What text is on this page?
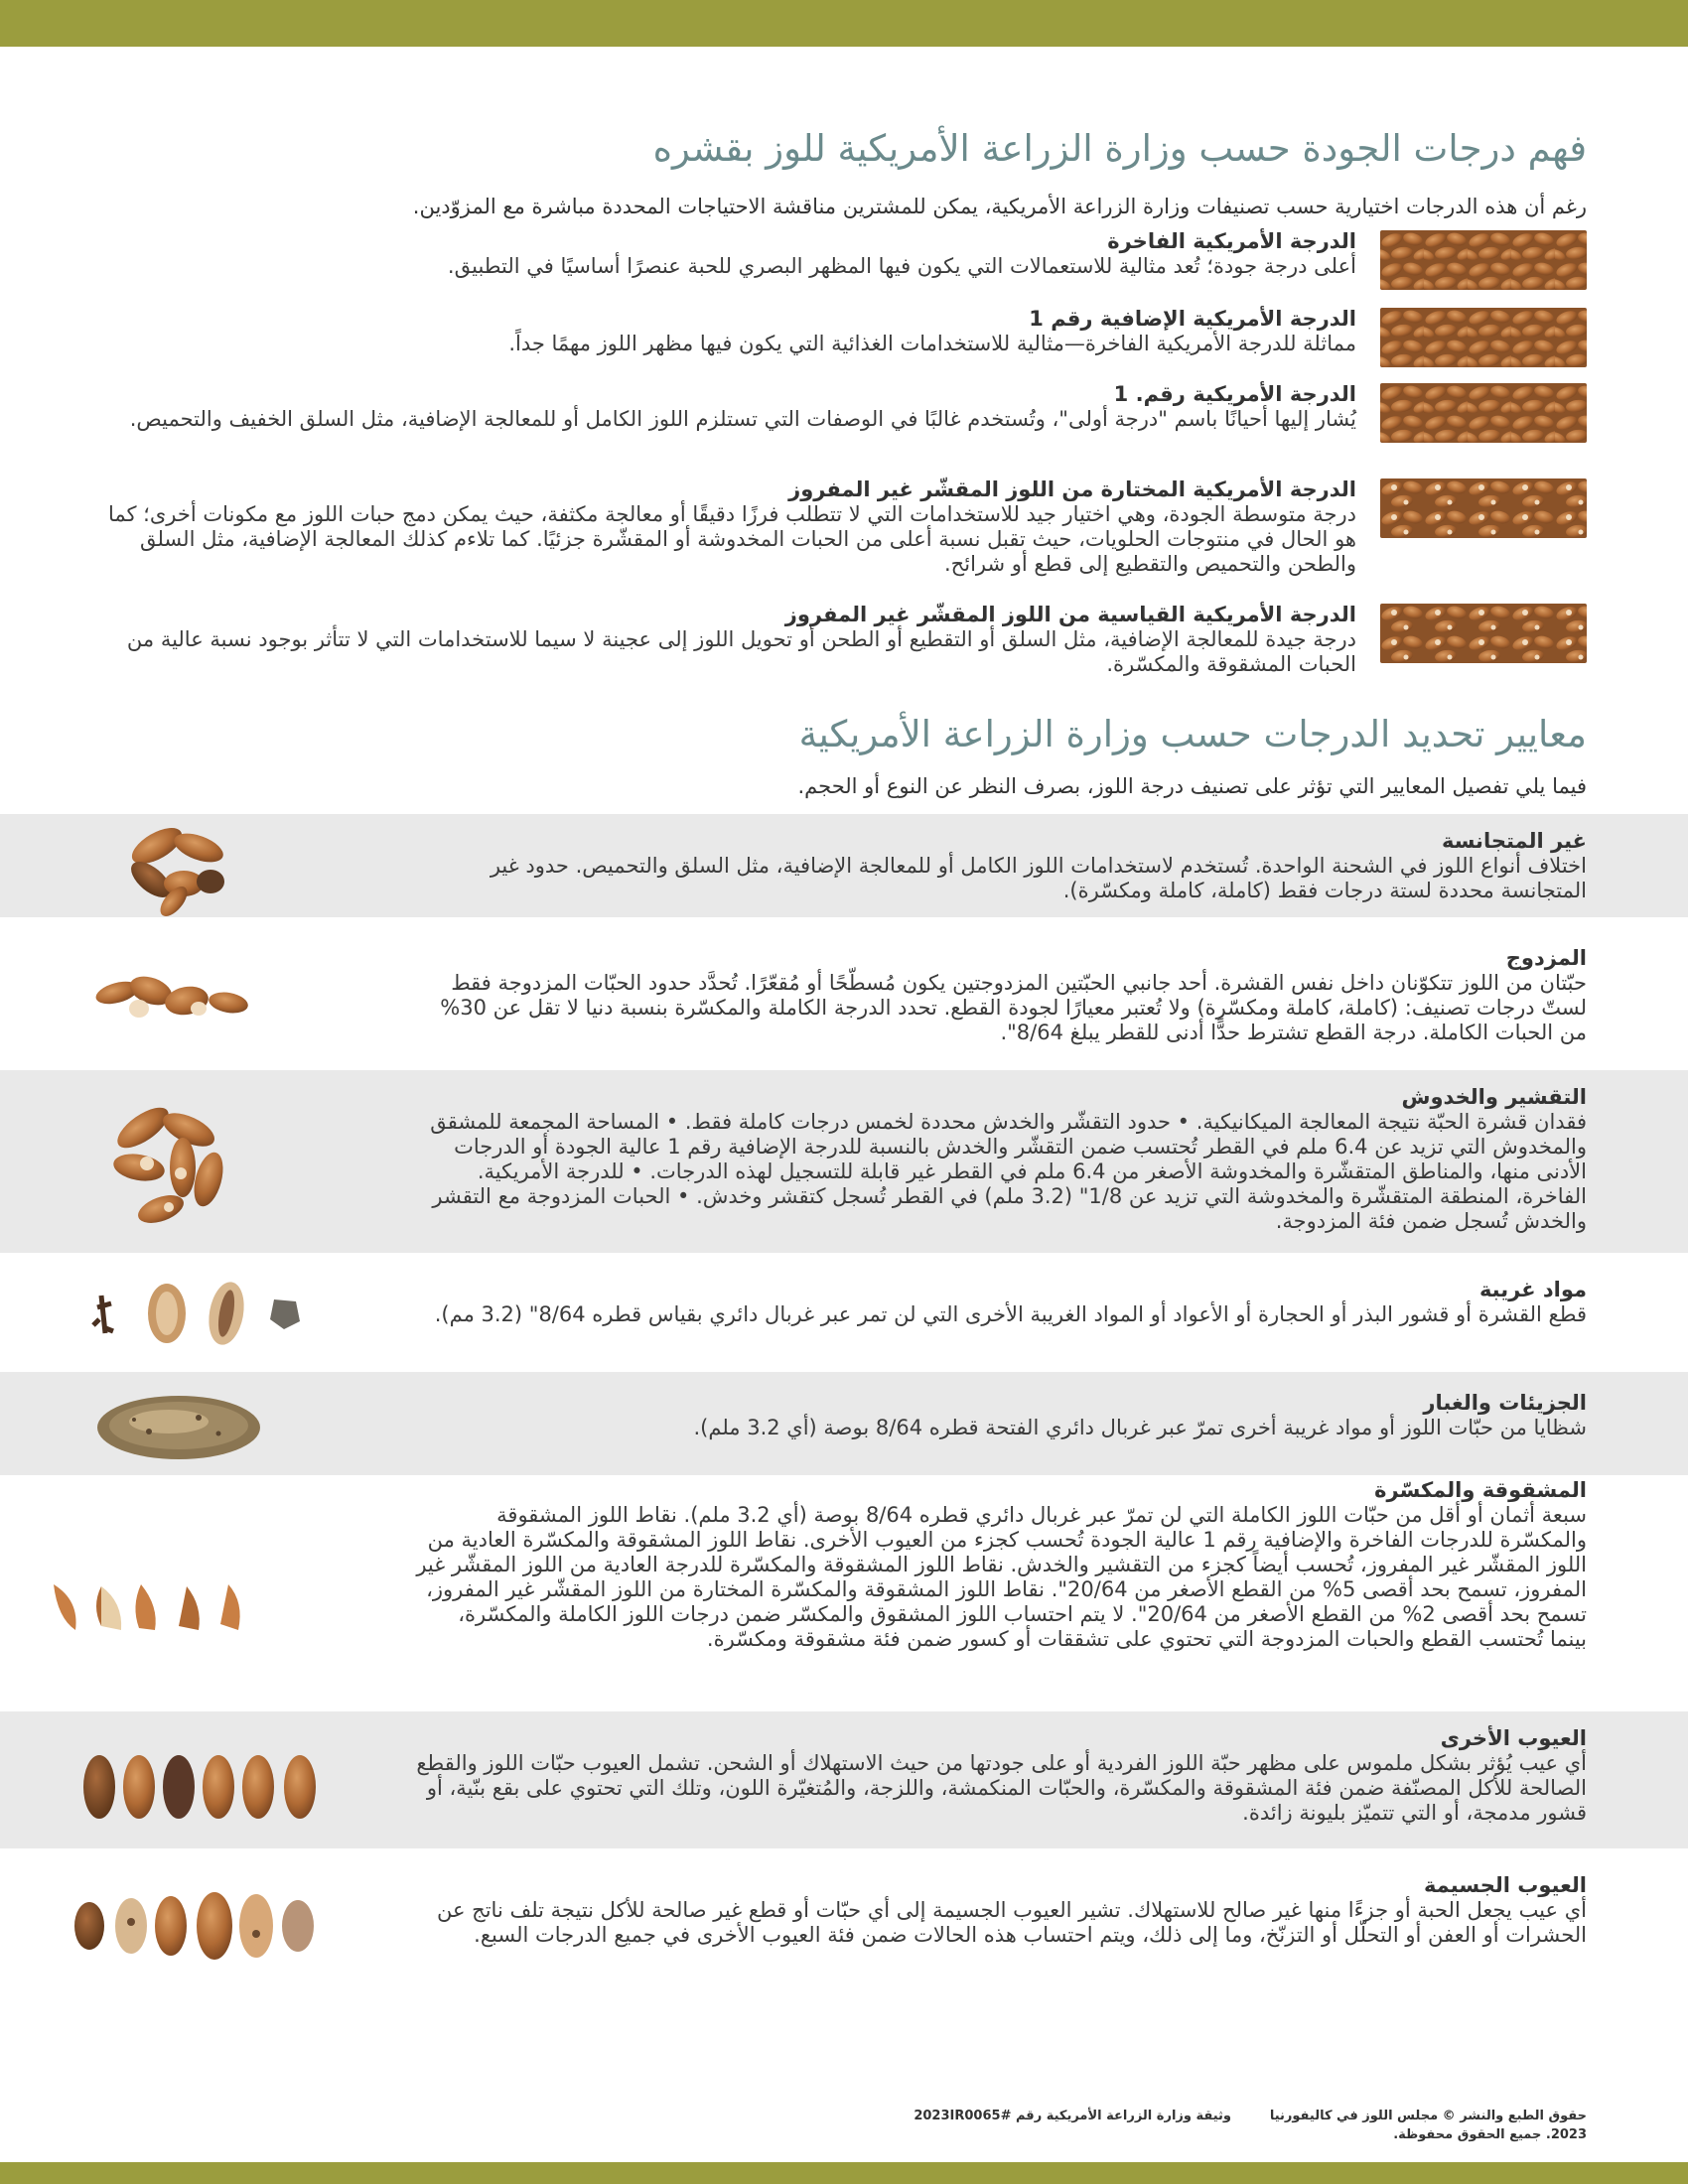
فهم درجات الجودة حسب وزارة الزراعة الأمريكية للوز بقشره
رغم أن هذه الدرجات اختيارية حسب تصنيفات وزارة الزراعة الأمريكية، يمكن للمشترين مناقشة الاحتياجات المحددة مباشرة مع المزوّدين.
الدرجة الأمريكية الفاخرة
أعلى درجة جودة؛ تُعد مثالية للاستعمالات التي يكون فيها المظهر البصري للحبة عنصرًا أساسيًا في التطبيق.
الدرجة الأمريكية الإضافية رقم 1
مماثلة للدرجة الأمريكية الفاخرة—مثالية للاستخدامات الغذائية التي يكون فيها مظهر اللوز مهمًا جداً.
الدرجة الأمريكية رقم. 1
يُشار إليها أحيانًا باسم "درجة أولى"، وتُستخدم غالبًا في الوصفات التي تستلزم اللوز الكامل أو للمعالجة الإضافية، مثل السلق الخفيف والتحميص.
الدرجة الأمريكية المختارة من اللوز المقشّر غير المفروز
درجة متوسطة الجودة، وهي اختيار جيد للاستخدامات التي لا تتطلب فرزًا دقيقًا أو معالجة مكثفة، حيث يمكن دمج حبات اللوز مع مكونات أخرى؛ كما هو الحال في منتوجات الحلويات، حيث تقبل نسبة أعلى من الحبات المخدوشة أو المقشّرة جزئيًا. كما تلاءم كذلك المعالجة الإضافية، مثل السلق والطحن والتحميص والتقطيع إلى قطع أو شرائح.
الدرجة الأمريكية القياسية من اللوز المقشّر غير المفروز
درجة جيدة للمعالجة الإضافية، مثل السلق أو التقطيع أو الطحن أو تحويل اللوز إلى عجينة لا سيما للاستخدامات التي لا تتأثر بوجود نسبة عالية من الحبات المشقوقة والمكسّرة.
معايير تحديد الدرجات حسب وزارة الزراعة الأمريكية
فيما يلي تفصيل المعايير التي تؤثر على تصنيف درجة اللوز، بصرف النظر عن النوع أو الحجم.
غير المتجانسة
اختلاف أنواع اللوز في الشحنة الواحدة. تُستخدم لاستخدامات اللوز الكامل أو للمعالجة الإضافية، مثل السلق والتحميص. حدود غير المتجانسة محددة لستة درجات فقط (كاملة، كاملة ومكسّرة).
المزدوج
حبّتان من اللوز تتكوّنان داخل نفس القشرة. أحد جانبي الحبّتين المزدوجتين يكون مُسطّحًا أو مُقعّرًا. تُحدَّد حدود الحبّات المزدوجة فقط لستّ درجات تصنيف: (كاملة، كاملة ومكسّرة) ولا تُعتبر معيارًا لجودة القطع. تحدد الدرجة الكاملة والمكسّرة بنسبة دنيا لا تقل عن 30% من الحبات الكاملة. درجة القطع تشترط حدًّا أدنى للقطر يبلغ 8/64".
التقشير والخدوش
فقدان قشرة الحبّة نتيجة المعالجة الميكانيكية. • حدود التقشّر والخدش محددة لخمس درجات كاملة فقط. • المساحة المجمعة للمشقق والمخدوش التي تزيد عن 6.4 ملم في القطر تُحتسب ضمن التقشّر والخدش بالنسبة للدرجة الإضافية رقم 1 عالية الجودة أو الدرجات الأدنى منها، والمناطق المتقشّرة والمخدوشة الأصغر من 6.4 ملم في القطر غير قابلة للتسجيل لهذه الدرجات. • للدرجة الأمريكية. الفاخرة، المنطقة المتقشّرة والمخدوشة التي تزيد عن 1/8" (3.2 ملم) في القطر تُسجل كتقشر وخدش. • الحبات المزدوجة مع التقشر والخدش تُسجل ضمن فئة المزدوجة.
مواد غريبة
قطع القشرة أو قشور البذر أو الحجارة أو الأعواد أو المواد الغريبة الأخرى التي لن تمر عبر غربال دائري بقياس قطره 8/64" (3.2 مم).
الجزيئات والغبار
شظايا من حبّات اللوز أو مواد غريبة أخرى تمرّ عبر غربال دائري الفتحة قطره 8/64 بوصة (أي 3.2 ملم).
المشقوقة والمكسّرة
سبعة أثمان أو أقل من حبّات اللوز الكاملة التي لن تمرّ عبر غربال دائري قطره 8/64 بوصة (أي 3.2 ملم). نقاط اللوز المشقوقة والمكسّرة للدرجات الفاخرة والإضافية رقم 1 عالية الجودة تُحسب كجزء من العيوب الأخرى. نقاط اللوز المشقوقة والمكسّرة العادية من اللوز المقشّر غير المفروز، تُحسب أيضاً كجزء من التقشير والخدش. نقاط اللوز المشقوقة والمكسّرة للدرجة العادية من اللوز المقشّر غير المفروز، تسمح بحد أقصى 5% من القطع الأصغر من 20/64". نقاط اللوز المشقوقة والمكسّرة المختارة من اللوز المقشّر غير المفروز، تسمح بحد أقصى 2% من القطع الأصغر من 20/64". لا يتم احتساب اللوز المشقوق والمكسّر ضمن درجات اللوز الكاملة والمكسّرة، بينما تُحتسب القطع والحبات المزدوجة التي تحتوي على تشققات أو كسور ضمن فئة مشقوقة ومكسّرة.
العيوب الأخرى
أي عيب يُؤثر بشكل ملموس على مظهر حبّة اللوز الفردية أو على جودتها من حيث الاستهلاك أو الشحن. تشمل العيوب حبّات اللوز والقطع الصالحة للأكل المصنّفة ضمن فئة المشقوقة والمكسّرة، والحبّات المنكمشة، واللزجة، والمُتغيّرة اللون، وتلك التي تحتوي على بقع بنّية، أو قشور مدمجة، أو التي تتميّز بليونة زائدة.
العيوب الجسيمة
أي عيب يجعل الحبة أو جزءًا منها غير صالح للاستهلاك. تشير العيوب الجسيمة إلى أي حبّات أو قطع غير صالحة للأكل نتيجة تلف ناتج عن الحشرات أو العفن أو التحلّل أو التزنّخ، وما إلى ذلك، ويتم احتساب هذه الحالات ضمن فئة العيوب الأخرى في جميع الدرجات السبع.
حقوق الطبع والنشر © مجلس اللوز في كاليفورنيا
2023. جميع الحقوق محفوظة.
وثيقة وزارة الزراعة الأمريكية رقم #2023IR0065
